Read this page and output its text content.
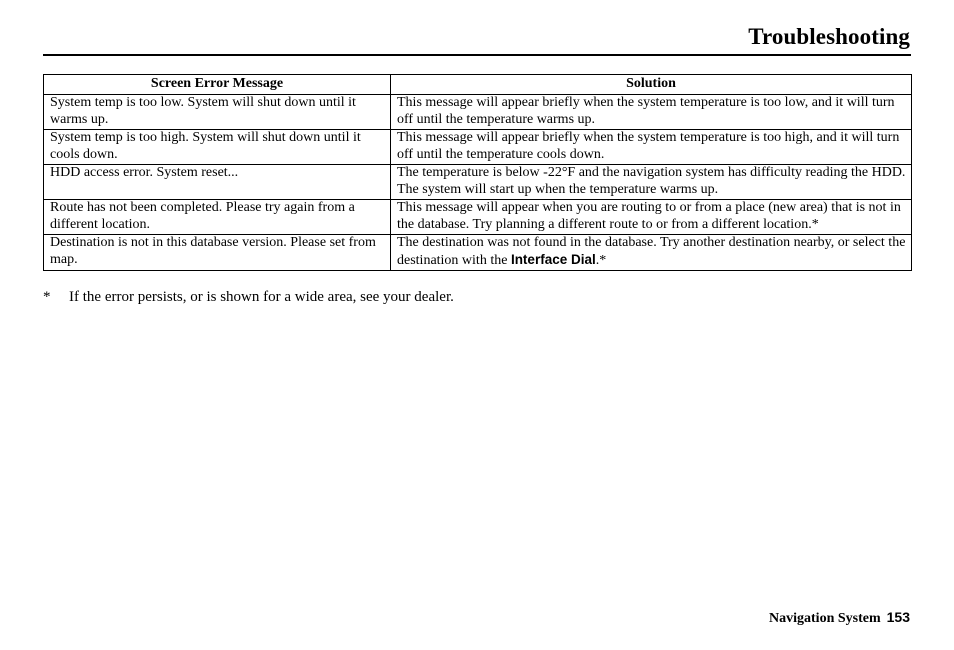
Troubleshooting
Screen Error Message	Solution
System temp is too low. System will shut down until it warms up.	This message will appear briefly when the system temperature is too low, and it will turn off until the temperature warms up.
System temp is too high. System will shut down until it cools down.	This message will appear briefly when the system temperature is too high, and it will turn off until the temperature cools down.
HDD access error. System reset...	The temperature is below -22°F and the navigation system has difficulty reading the HDD. The system will start up when the temperature warms up.
Route has not been completed. Please try again from a different location.	This message will appear when you are routing to or from a place (new area) that is not in the database. Try planning a different route to or from a different location.*
Destination is not in this database version. Please set from map.	The destination was not found in the database. Try another destination nearby, or select the destination with the Interface Dial.*
* If the error persists, or is shown for a wide area, see your dealer.
Navigation System 153
